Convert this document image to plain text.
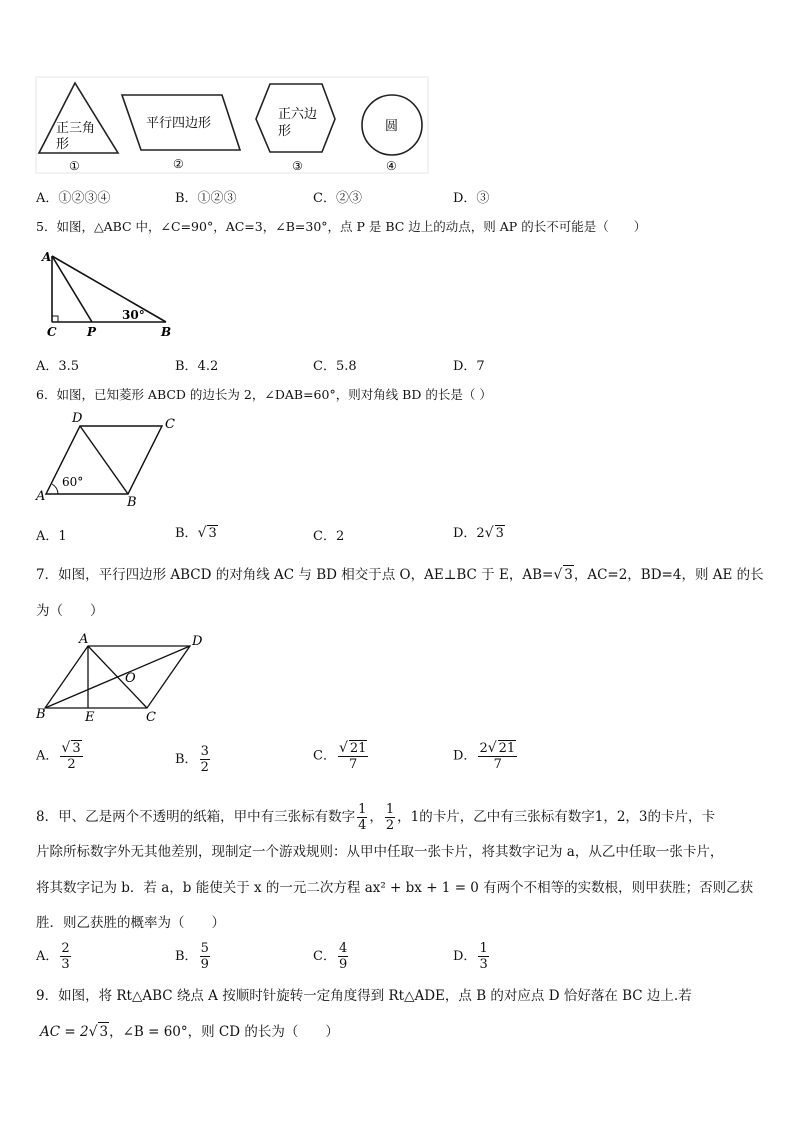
正三角
形
①
平行四边形
②
正六边
形
③
圆
④
A．①②③④	B．①②③	C．②③	D．③
5．如图，△ABC 中，∠C=90°，AC=3，∠B=30°，点 P 是 BC 边上的动点，则 AP 的长不可能是（　　）
A
C	P	B
30°
A．3.5	B．4.2	C．5.8	D．7
6．如图，已知菱形 ABCD 的边长为 2，∠DAB=60°，则对角线 BD 的长是（ ）
D	C
A	B
60°
A．1	B．√ 3	C．2	D．2√ 3
7．如图，平行四边形 ABCD 的对角线 AC 与 BD 相交于点 O，AE⊥BC 于 E，AB=√ 3，AC=2，BD=4，则 AE 的长
为（　　）
A	D
O
B	E	C
A． $\frac{√ 3}{2}$	B． $\frac{3}{2}$	C． $\frac{√ 21}{7}$	D． $\frac{2√ 21}{7}$
8．甲、乙是两个不透明的纸箱，甲中有三张标有数字 $\frac{1}{4}$ ， $\frac{1}{2}$ ，1的卡片，乙中有三张标有数字1，2，3的卡片，卡
片除所标数字外无其他差别，现制定一个游戏规则：从甲中任取一张卡片，将其数字记为 a，从乙中任取一张卡片，
将其数字记为 b．若 a，b 能使关于 x 的一元二次方程 ax² + bx + 1 = 0 有两个不相等的实数根，则甲获胜；否则乙获
胜．则乙获胜的概率为（　　）
A． $\frac{2}{3}$	B． $\frac{5}{9}$	C． $\frac{4}{9}$	D． $\frac{1}{3}$
9．如图，将 Rt△ABC 绕点 A 按顺时针旋转一定角度得到 Rt△ADE，点 B 的对应点 D 恰好落在 BC 边上.若
AC = 2√ 3，∠B = 60°，则 CD 的长为（　　）
